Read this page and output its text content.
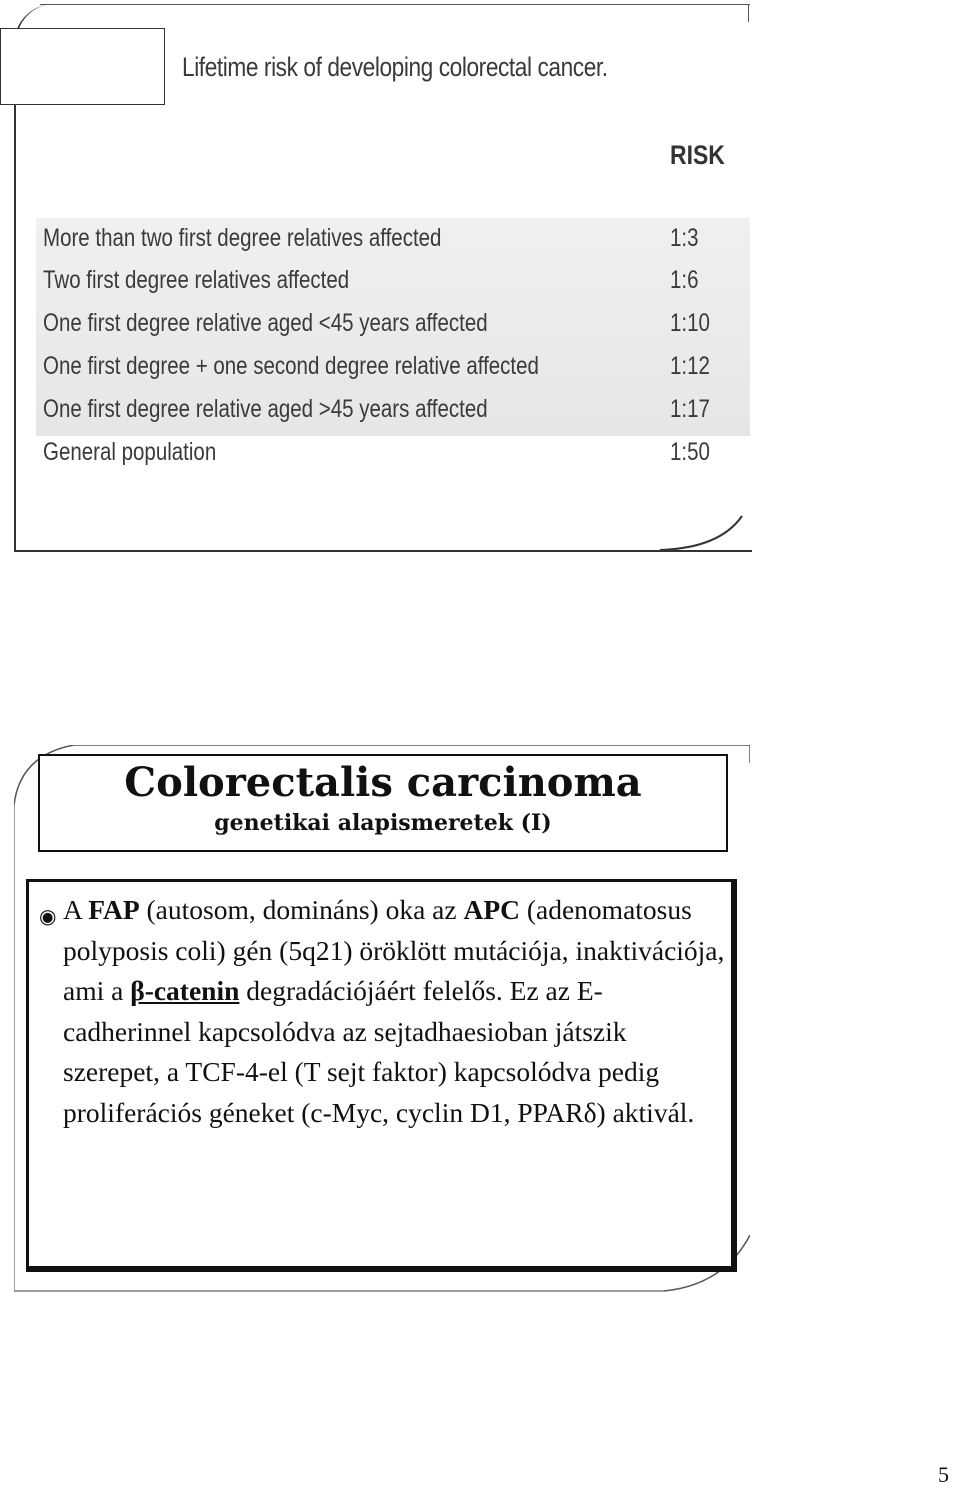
Lifetime risk of developing colorectal cancer.
RISK
More than two first degree relatives affected	1:3
Two first degree relatives affected	1:6
One first degree relative aged <45 years affected	1:10
One first degree + one second degree relative affected	1:12
One first degree relative aged >45 years affected	1:17
General population	1:50
Colorectalis carcinoma
genetikai alapismeretek (I)
◉ A FAP (autosom, domináns) oka az APC (adenomatosus polyposis coli) gén (5q21) öröklött mutációja, inaktivációja, ami a β-catenin degradációjáért felelős. Ez az E-cadherinnel kapcsolódva az sejtadhaesioban játszik szerepet, a TCF-4-el (T sejt faktor) kapcsolódva pedig proliferációs géneket (c-Myc, cyclin D1, PPARδ) aktivál.

5
